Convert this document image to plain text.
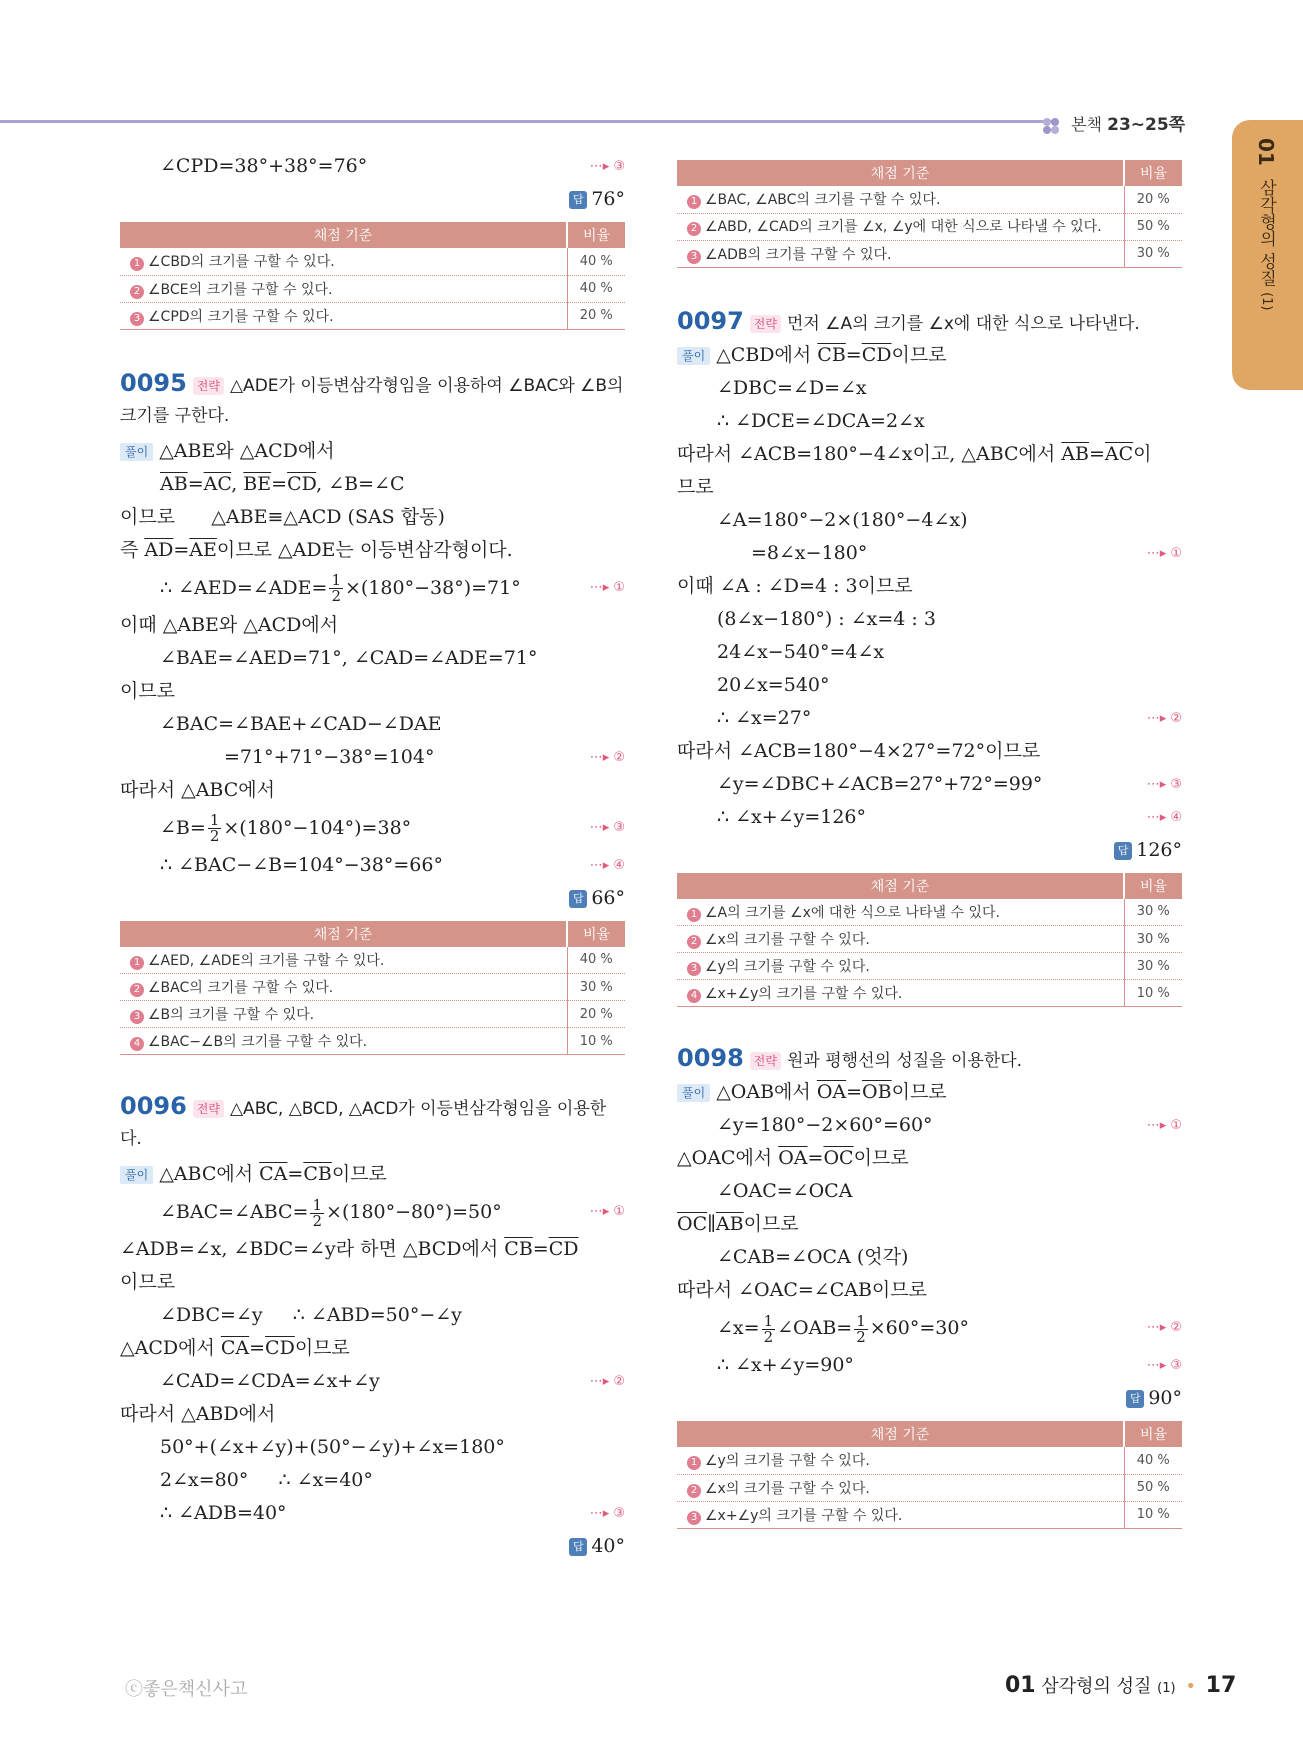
본책 23~25쪽
01 삼각형의 성질 (1)
∠CPD=38°+38°=76°	⋯▸ ③
답 76°
채점 기준	비율
1 ∠CBD의 크기를 구할 수 있다.	40 %
2 ∠BCE의 크기를 구할 수 있다.	40 %
3 ∠CPD의 크기를 구할 수 있다.	20 %
0095 전략 △ADE가 이등변삼각형임을 이용하여 ∠BAC와 ∠B의 크기를 구한다.
풀이 △ABE와 △ACD에서
$\overline{AB}=\overline{AC}$, $\overline{BE}=\overline{CD}$, ∠B=∠C
이므로      △ABE≡△ACD (SAS 합동)
즉 $\overline{AD}=\overline{AE}$이므로 △ADE는 이등변삼각형이다.
∴ ∠AED=∠ADE= $\frac{1}{2} \times(180^\circ-38^\circ)=71^\circ$	⋯▸ ①
이때 △ABE와 △ACD에서
∠BAE=∠AED=71°, ∠CAD=∠ADE=71°
이므로
∠BAC=∠BAE+∠CAD−∠DAE
=71°+71°−38°=104°	⋯▸ ②
따라서 △ABC에서
∠B= $\frac{1}{2} \times(180^\circ-104^\circ)=38^\circ$	⋯▸ ③
∴ ∠BAC−∠B=104°−38°=66°	⋯▸ ④
답 66°
채점 기준	비율
1 ∠AED, ∠ADE의 크기를 구할 수 있다.	40 %
2 ∠BAC의 크기를 구할 수 있다.	30 %
3 ∠B의 크기를 구할 수 있다.	20 %
4 ∠BAC−∠B의 크기를 구할 수 있다.	10 %
0096 전략 △ABC, △BCD, △ACD가 이등변삼각형임을 이용한다.
풀이 △ABC에서 $\overline{CA}=\overline{CB}$이므로
∠BAC=∠ABC= $\frac{1}{2} \times(180^\circ-80^\circ)=50^\circ$	⋯▸ ①
∠ADB=∠x, ∠BDC=∠y라 하면 △BCD에서 $\overline{CB}=\overline{CD}$
이므로
∠DBC=∠y     ∴ ∠ABD=50°−∠y
△ACD에서 $\overline{CA}=\overline{CD}$이므로
∠CAD=∠CDA=∠x+∠y	⋯▸ ②
따라서 △ABD에서
50°+(∠x+∠y)+(50°−∠y)+∠x=180°
2∠x=80°     ∴ ∠x=40°
∴ ∠ADB=40°	⋯▸ ③
답 40°
채점 기준	비율
1 ∠BAC, ∠ABC의 크기를 구할 수 있다.	20 %
2 ∠ABD, ∠CAD의 크기를 ∠x, ∠y에 대한 식으로 나타낼 수 있다.	50 %
3 ∠ADB의 크기를 구할 수 있다.	30 %
0097 전략 먼저 ∠A의 크기를 ∠x에 대한 식으로 나타낸다.
풀이 △CBD에서 $\overline{CB}=\overline{CD}$이므로
∠DBC=∠D=∠x
∴ ∠DCE=∠DCA=2∠x
따라서 ∠ACB=180°−4∠x이고, △ABC에서 $\overline{AB}=\overline{AC}$이
므로
∠A=180°−2×(180°−4∠x)
=8∠x−180°	⋯▸ ①
이때 ∠A : ∠D=4 : 3이므로
(8∠x−180°) : ∠x=4 : 3
24∠x−540°=4∠x
20∠x=540°
∴ ∠x=27°	⋯▸ ②
따라서 ∠ACB=180°−4×27°=72°이므로
∠y=∠DBC+∠ACB=27°+72°=99°	⋯▸ ③
∴ ∠x+∠y=126°	⋯▸ ④
답 126°
채점 기준	비율
1 ∠A의 크기를 ∠x에 대한 식으로 나타낼 수 있다.	30 %
2 ∠x의 크기를 구할 수 있다.	30 %
3 ∠y의 크기를 구할 수 있다.	30 %
4 ∠x+∠y의 크기를 구할 수 있다.	10 %
0098 전략 원과 평행선의 성질을 이용한다.
풀이 △OAB에서 $\overline{OA}=\overline{OB}$이므로
∠y=180°−2×60°=60°	⋯▸ ①
△OAC에서 $\overline{OA}=\overline{OC}$이므로
∠OAC=∠OCA
$\overline{OC}\parallel\overline{AB}$이므로
∠CAB=∠OCA (엇각)
따라서 ∠OAC=∠CAB이므로
∠x= $\frac{1}{2}$ ∠OAB= $\frac{1}{2} \times 60^\circ=30^\circ$	⋯▸ ②
∴ ∠x+∠y=90°	⋯▸ ③
답 90°
채점 기준	비율
1 ∠y의 크기를 구할 수 있다.	40 %
2 ∠x의 크기를 구할 수 있다.	50 %
3 ∠x+∠y의 크기를 구할 수 있다.	10 %
ⓒ좋은책신사고	01 삼각형의 성질 (1) • 17
